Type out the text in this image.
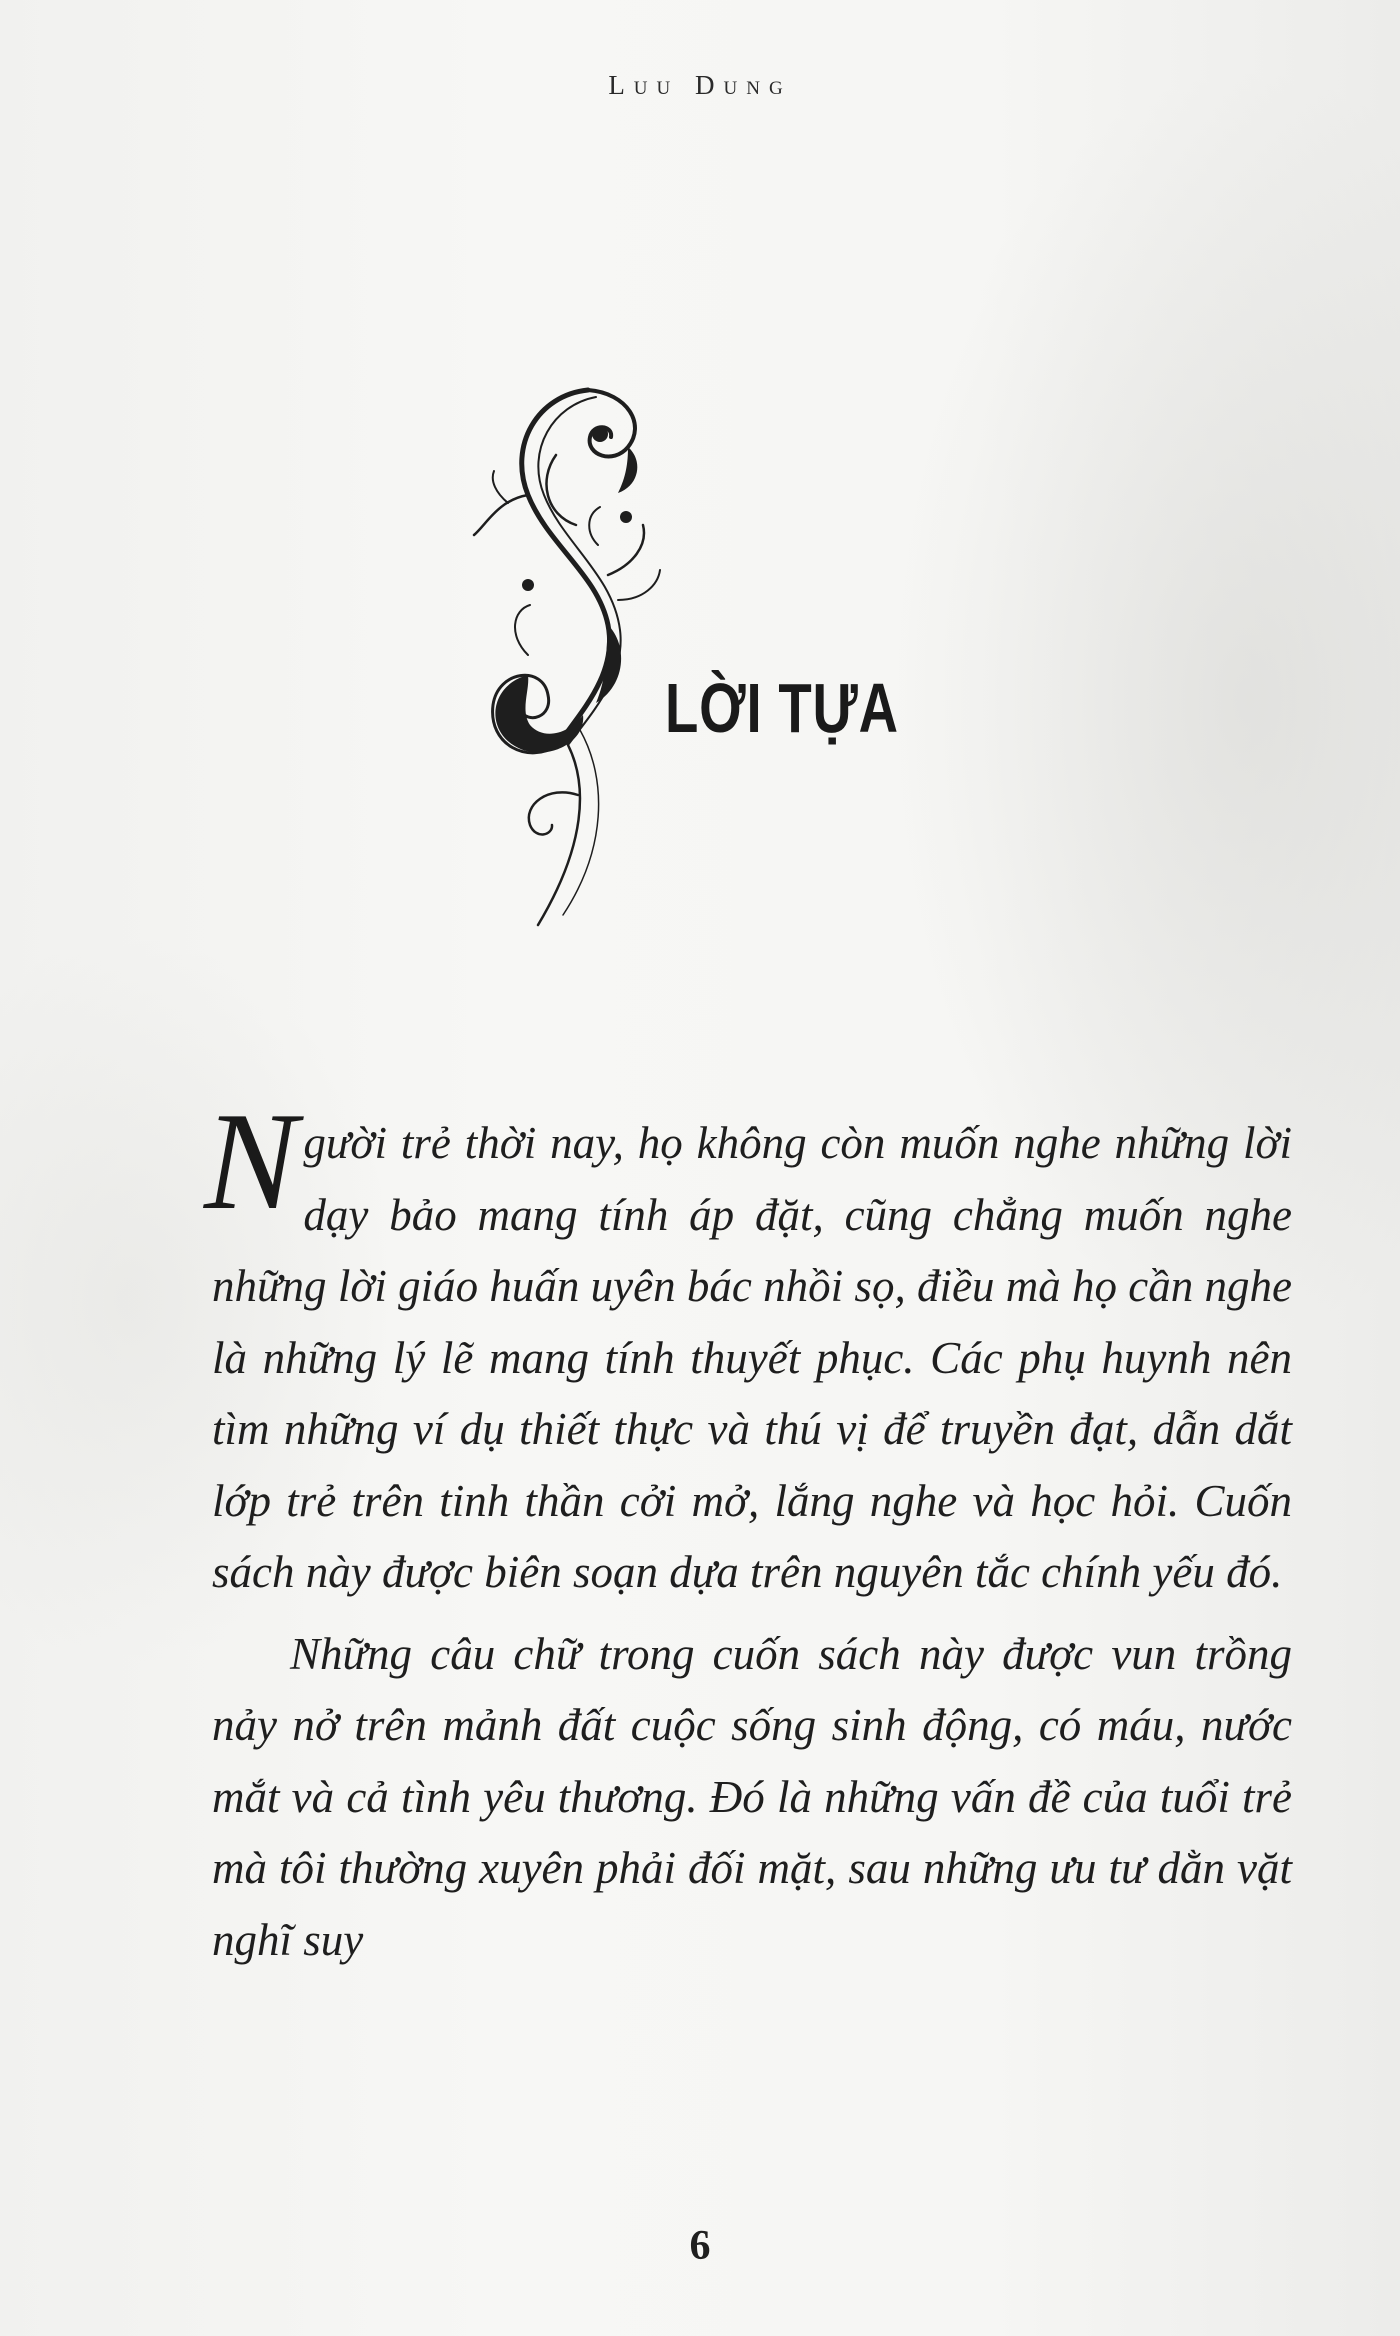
Luu Dung
LỜI TỰA

Người trẻ thời nay, họ không còn muốn nghe những lời dạy bảo mang tính áp đặt, cũng chẳng muốn nghe những lời giáo huấn uyên bác nhồi sọ, điều mà họ cần nghe là những lý lẽ mang tính thuyết phục. Các phụ huynh nên tìm những ví dụ thiết thực và thú vị để truyền đạt, dẫn dắt lớp trẻ trên tinh thần cởi mở, lắng nghe và học hỏi. Cuốn sách này được biên soạn dựa trên nguyên tắc chính yếu đó.

Những câu chữ trong cuốn sách này được vun trồng nảy nở trên mảnh đất cuộc sống sinh động, có máu, nước mắt và cả tình yêu thương. Đó là những vấn đề của tuổi trẻ mà tôi thường xuyên phải đối mặt, sau những ưu tư dằn vặt nghĩ suy

6
